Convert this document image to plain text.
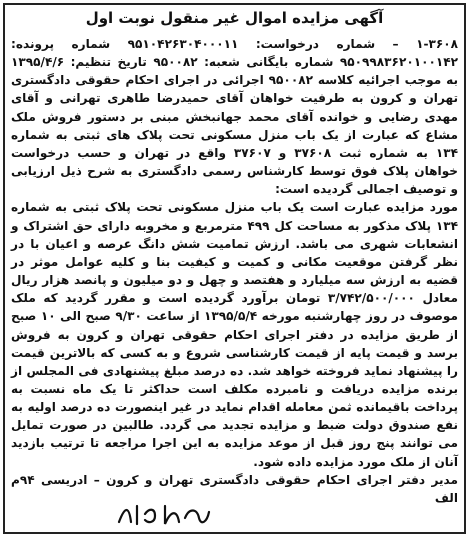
آگهی مزایده اموال غیر منقول نوبت اول

۱-۳۶۰۸ – شماره درخواست: ۹۵۱۰۴۲۶۳۰۴۰۰۰۱۱ شماره پرونده: ۹۵۰۹۹۸۳۶۲۰۱۰۰۱۴۲ شماره بایگانی شعبه: ۹۵۰۰۸۲ تاریخ تنظیم: ۱۳۹۵/۴/۶ به موجب اجرائیه کلاسه ۹۵۰۰۸۲ اجرائی در اجرای احکام حقوقی دادگستری تهران و کرون به طرفیت خواهان آقای حمیدرضا طاهری تهرانی و آقای مهدی رضایی و خوانده آقای محمد جهانبخش مبنی بر دستور فروش ملک مشاع که عبارت از یک باب منزل مسکونی تحت پلاک های ثبتی به شماره ۱۳۴ به شماره ثبت ۳۷۶۰۸ و ۳۷۶۰۷ واقع در تهران و حسب درخواست خواهان پلاک فوق توسط کارشناس رسمی دادگستری به شرح ذیل ارزیابی و توصیف اجمالی گردیده است:

مورد مزایده عبارت است یک باب منزل مسکونی تحت پلاک ثبتی به شماره ۱۳۴ پلاک مذکور به مساحت کل ۴۹۹ مترمربع و مخروبه دارای حق اشتراک و انشعابات شهری می باشد. ارزش تمامیت شش دانگ عرصه و اعیان با در نظر گرفتن موقعیت مکانی و کمیت و کیفیت بنا و کلیه عوامل موثر در قضیه به ارزش سه میلیارد و هفتصد و چهل و دو میلیون و پانصد هزار ریال معادل ۳/۷۴۲/۵۰۰/۰۰۰ تومان برآورد گردیده است و مقرر گردید که ملک موصوف در روز چهارشنبه مورخه ۱۳۹۵/۵/۴ از ساعت ۹/۳۰ صبح الی ۱۰ صبح از طریق مزایده در دفتر اجرای احکام حقوقی تهران و کرون به فروش برسد و قیمت پایه از قیمت کارشناسی شروع و به کسی که بالاترین قیمت را پیشنهاد نماید فروخته خواهد شد. ده درصد مبلغ پیشنهادی فی المجلس از برنده مزایده دریافت و نامبرده مکلف است حداکثر تا یک ماه نسبت به پرداخت باقیمانده ثمن معامله اقدام نماید در غیر اینصورت ده درصد اولیه به نفع صندوق دولت ضبط و مزایده تجدید می گردد. طالبین در صورت تمایل می توانند پنج روز قبل از موعد مزایده به این اجرا مراجعه تا ترتیب بازدید آنان از ملک مورد مزایده داده شود.

مدیر دفتر اجرای احکام حقوقی دادگستری تهران و کرون – ادریسی ۹۴م الف
